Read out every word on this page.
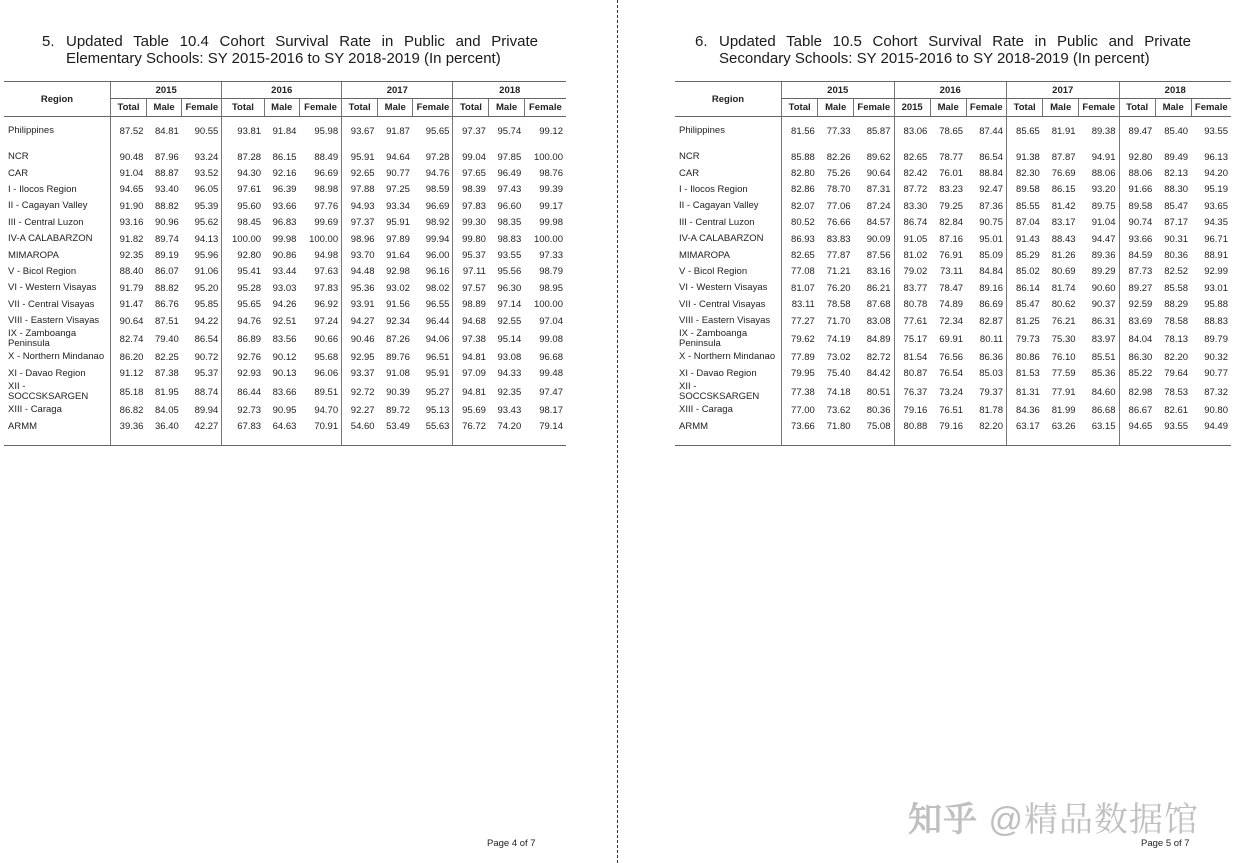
5. Updated Table 10.4 Cohort Survival Rate in Public and Private
Elementary Schools: SY 2015-2016 to SY 2018-2019 (In percent)
Region	2015			2016			2017			2018		
	Total	Male	Female	Total	Male	Female	Total	Male	Female	Total	Male	Female

Philippines	87.52	84.81	90.55	93.81	91.84	95.98	93.67	91.87	95.65	97.37	95.74	99.12

NCR	90.48	87.96	93.24	87.28	86.15	88.49	95.91	94.64	97.28	99.04	97.85	100.00
CAR	91.04	88.87	93.52	94.30	92.16	96.69	92.65	90.77	94.76	97.65	96.49	98.76
I - Ilocos Region	94.65	93.40	96.05	97.61	96.39	98.98	97.88	97.25	98.59	98.39	97.43	99.39
II - Cagayan Valley	91.90	88.82	95.39	95.60	93.66	97.76	94.93	93.34	96.69	97.83	96.60	99.17
III - Central Luzon	93.16	90.96	95.62	98.45	96.83	99.69	97.37	95.91	98.92	99.30	98.35	99.98
IV-A CALABARZON	91.82	89.74	94.13	100.00	99.98	100.00	98.96	97.89	99.94	99.80	98.83	100.00
MIMAROPA	92.35	89.19	95.96	92.80	90.86	94.98	93.70	91.64	96.00	95.37	93.55	97.33
V - Bicol Region	88.40	86.07	91.06	95.41	93.44	97.63	94.48	92.98	96.16	97.11	95.56	98.79
VI - Western Visayas	91.79	88.82	95.20	95.28	93.03	97.83	95.36	93.02	98.02	97.57	96.30	98.95
VII - Central Visayas	91.47	86.76	95.85	95.65	94.26	96.92	93.91	91.56	96.55	98.89	97.14	100.00
VIII - Eastern Visayas	90.64	87.51	94.22	94.76	92.51	97.24	94.27	92.34	96.44	94.68	92.55	97.04
IX - Zamboanga Peninsula	82.74	79.40	86.54	86.89	83.56	90.66	90.46	87.26	94.06	97.38	95.14	99.08
X - Northern Mindanao	86.20	82.25	90.72	92.76	90.12	95.68	92.95	89.76	96.51	94.81	93.08	96.68
XI - Davao Region	91.12	87.38	95.37	92.93	90.13	96.06	93.37	91.08	95.91	97.09	94.33	99.48
XII - SOCCSKSARGEN	85.18	81.95	88.74	86.44	83.66	89.51	92.72	90.39	95.27	94.81	92.35	97.47
XIII - Caraga	86.82	84.05	89.94	92.73	90.95	94.70	92.27	89.72	95.13	95.69	93.43	98.17
ARMM	39.36	36.40	42.27	67.83	64.63	70.91	54.60	53.49	55.63	76.72	74.20	79.14
Page 4 of 7
6. Updated Table 10.5 Cohort Survival Rate in Public and Private
Secondary Schools: SY 2015-2016 to SY 2018-2019 (In percent)
Region	2015			2016			2017			2018		
	Total	Male	Female	2015	Male	Female	Total	Male	Female	Total	Male	Female

Philippines	81.56	77.33	85.87	83.06	78.65	87.44	85.65	81.91	89.38	89.47	85.40	93.55

NCR	85.88	82.26	89.62	82.65	78.77	86.54	91.38	87.87	94.91	92.80	89.49	96.13
CAR	82.80	75.26	90.64	82.42	76.01	88.84	82.30	76.69	88.06	88.06	82.13	94.20
I - Ilocos Region	82.86	78.70	87.31	87.72	83.23	92.47	89.58	86.15	93.20	91.66	88.30	95.19
II - Cagayan Valley	82.07	77.06	87.24	83.30	79.25	87.36	85.55	81.42	89.75	89.58	85.47	93.65
III - Central Luzon	80.52	76.66	84.57	86.74	82.84	90.75	87.04	83.17	91.04	90.74	87.17	94.35
IV-A CALABARZON	86.93	83.83	90.09	91.05	87.16	95.01	91.43	88.43	94.47	93.66	90.31	96.71
MIMAROPA	82.65	77.87	87.56	81.02	76.91	85.09	85.29	81.26	89.36	84.59	80.36	88.91
V - Bicol Region	77.08	71.21	83.16	79.02	73.11	84.84	85.02	80.69	89.29	87.73	82.52	92.99
VI - Western Visayas	81.07	76.20	86.21	83.77	78.47	89.16	86.14	81.74	90.60	89.27	85.58	93.01
VII - Central Visayas	83.11	78.58	87.68	80.78	74.89	86.69	85.47	80.62	90.37	92.59	88.29	95.88
VIII - Eastern Visayas	77.27	71.70	83.08	77.61	72.34	82.87	81.25	76.21	86.31	83.69	78.58	88.83
IX - Zamboanga Peninsula	79.62	74.19	84.89	75.17	69.91	80.11	79.73	75.30	83.97	84.04	78.13	89.79
X - Northern Mindanao	77.89	73.02	82.72	81.54	76.56	86.36	80.86	76.10	85.51	86.30	82.20	90.32
XI - Davao Region	79.95	75.40	84.42	80.87	76.54	85.03	81.53	77.59	85.36	85.22	79.64	90.77
XII - SOCCSKSARGEN	77.38	74.18	80.51	76.37	73.24	79.37	81.31	77.91	84.60	82.98	78.53	87.32
XIII - Caraga	77.00	73.62	80.36	79.16	76.51	81.78	84.36	81.99	86.68	86.67	82.61	90.80
ARMM	73.66	71.80	75.08	80.88	79.16	82.20	63.17	63.26	63.15	94.65	93.55	94.49
Page 5 of 7
知乎 @精品数据馆
